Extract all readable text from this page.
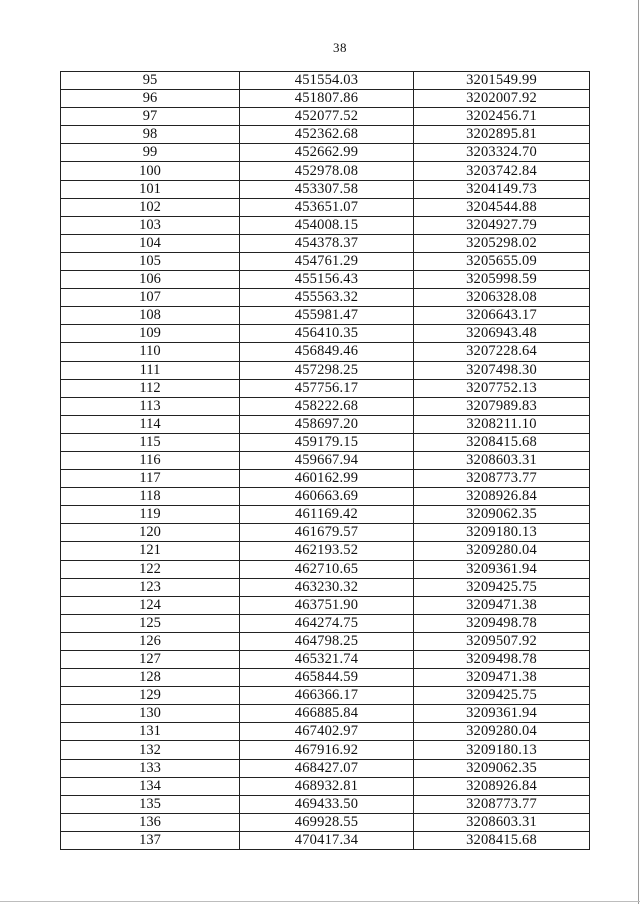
38
95	451554.03	3201549.99
96	451807.86	3202007.92
97	452077.52	3202456.71
98	452362.68	3202895.81
99	452662.99	3203324.70
100	452978.08	3203742.84
101	453307.58	3204149.73
102	453651.07	3204544.88
103	454008.15	3204927.79
104	454378.37	3205298.02
105	454761.29	3205655.09
106	455156.43	3205998.59
107	455563.32	3206328.08
108	455981.47	3206643.17
109	456410.35	3206943.48
110	456849.46	3207228.64
111	457298.25	3207498.30
112	457756.17	3207752.13
113	458222.68	3207989.83
114	458697.20	3208211.10
115	459179.15	3208415.68
116	459667.94	3208603.31
117	460162.99	3208773.77
118	460663.69	3208926.84
119	461169.42	3209062.35
120	461679.57	3209180.13
121	462193.52	3209280.04
122	462710.65	3209361.94
123	463230.32	3209425.75
124	463751.90	3209471.38
125	464274.75	3209498.78
126	464798.25	3209507.92
127	465321.74	3209498.78
128	465844.59	3209471.38
129	466366.17	3209425.75
130	466885.84	3209361.94
131	467402.97	3209280.04
132	467916.92	3209180.13
133	468427.07	3209062.35
134	468932.81	3208926.84
135	469433.50	3208773.77
136	469928.55	3208603.31
137	470417.34	3208415.68
